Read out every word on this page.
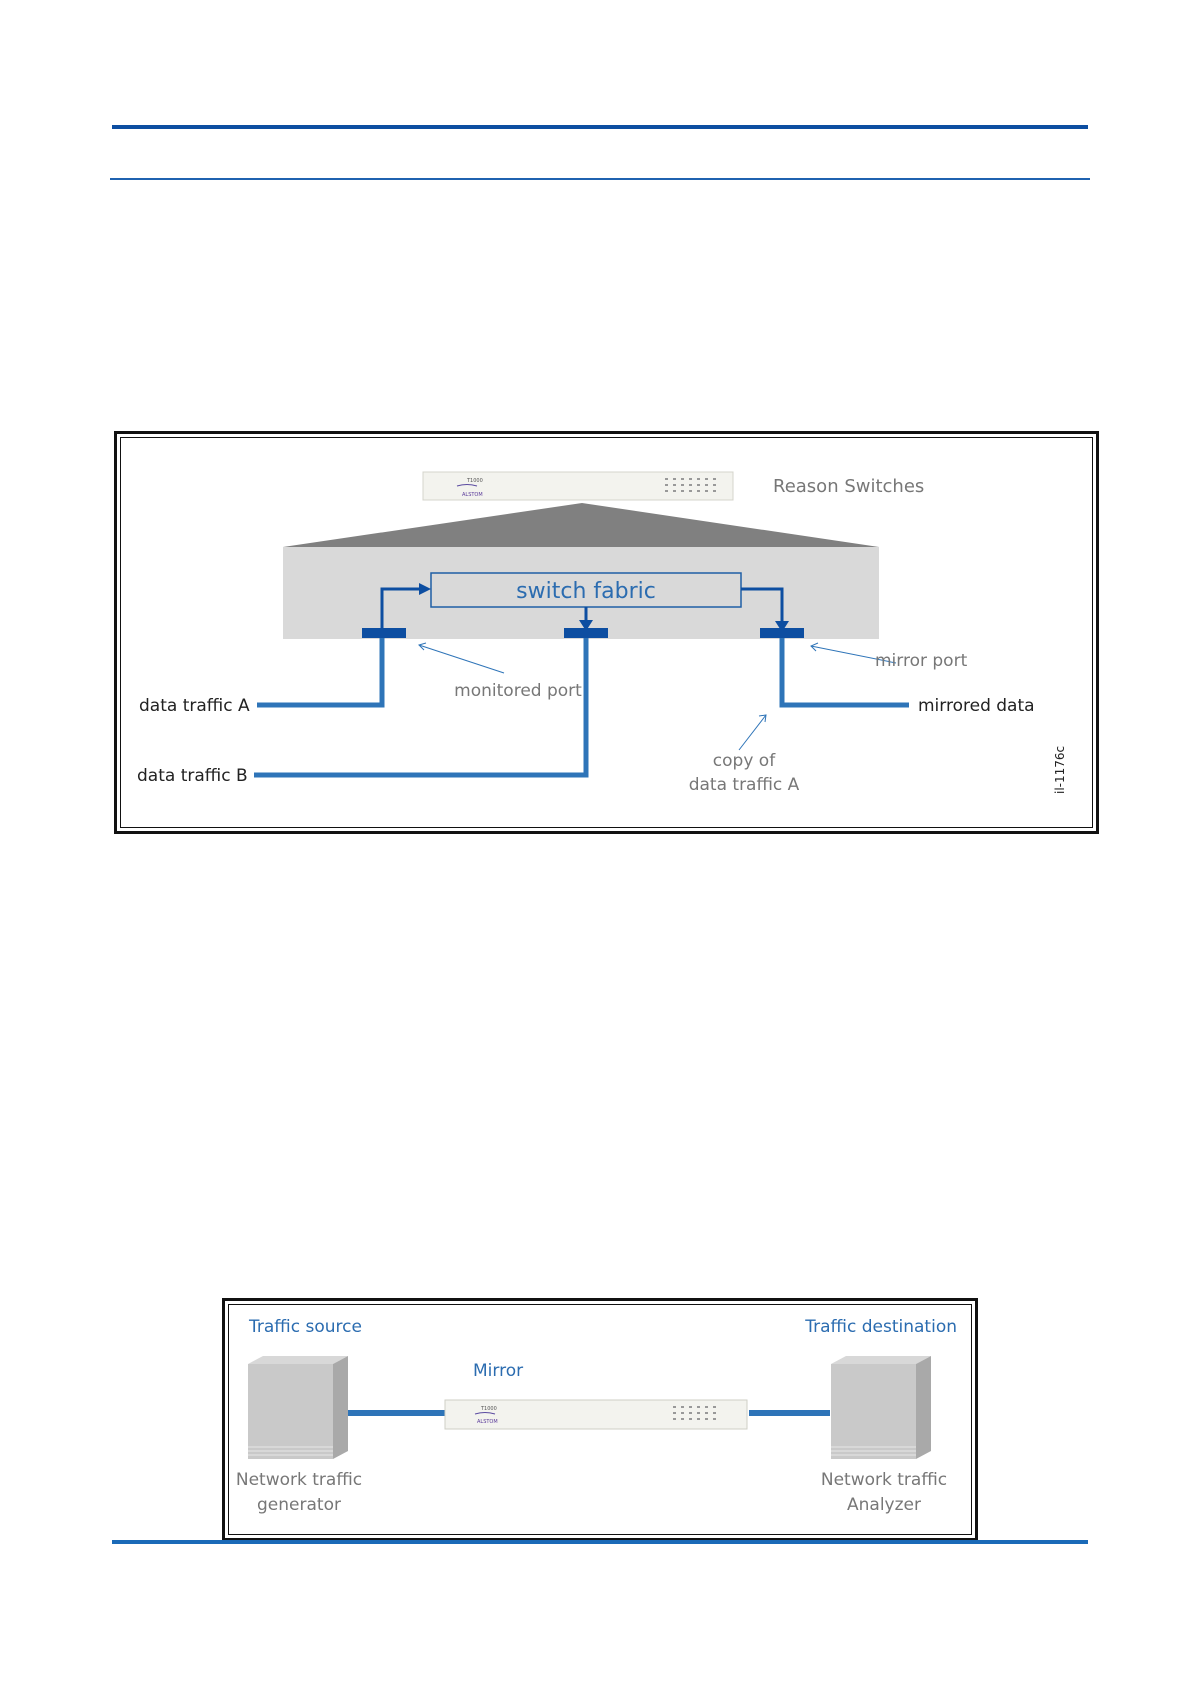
T1000
ALSTOM	Reason Switches
switch fabric
monitored port
mirror port
data traffic A
data traffic B
mirrored data
copy of
data traffic A	il-1176c
Traffic source	Traffic destination
Mirror
T1000
ALSTOM
Network traffic
generator
Network traffic
Analyzer
